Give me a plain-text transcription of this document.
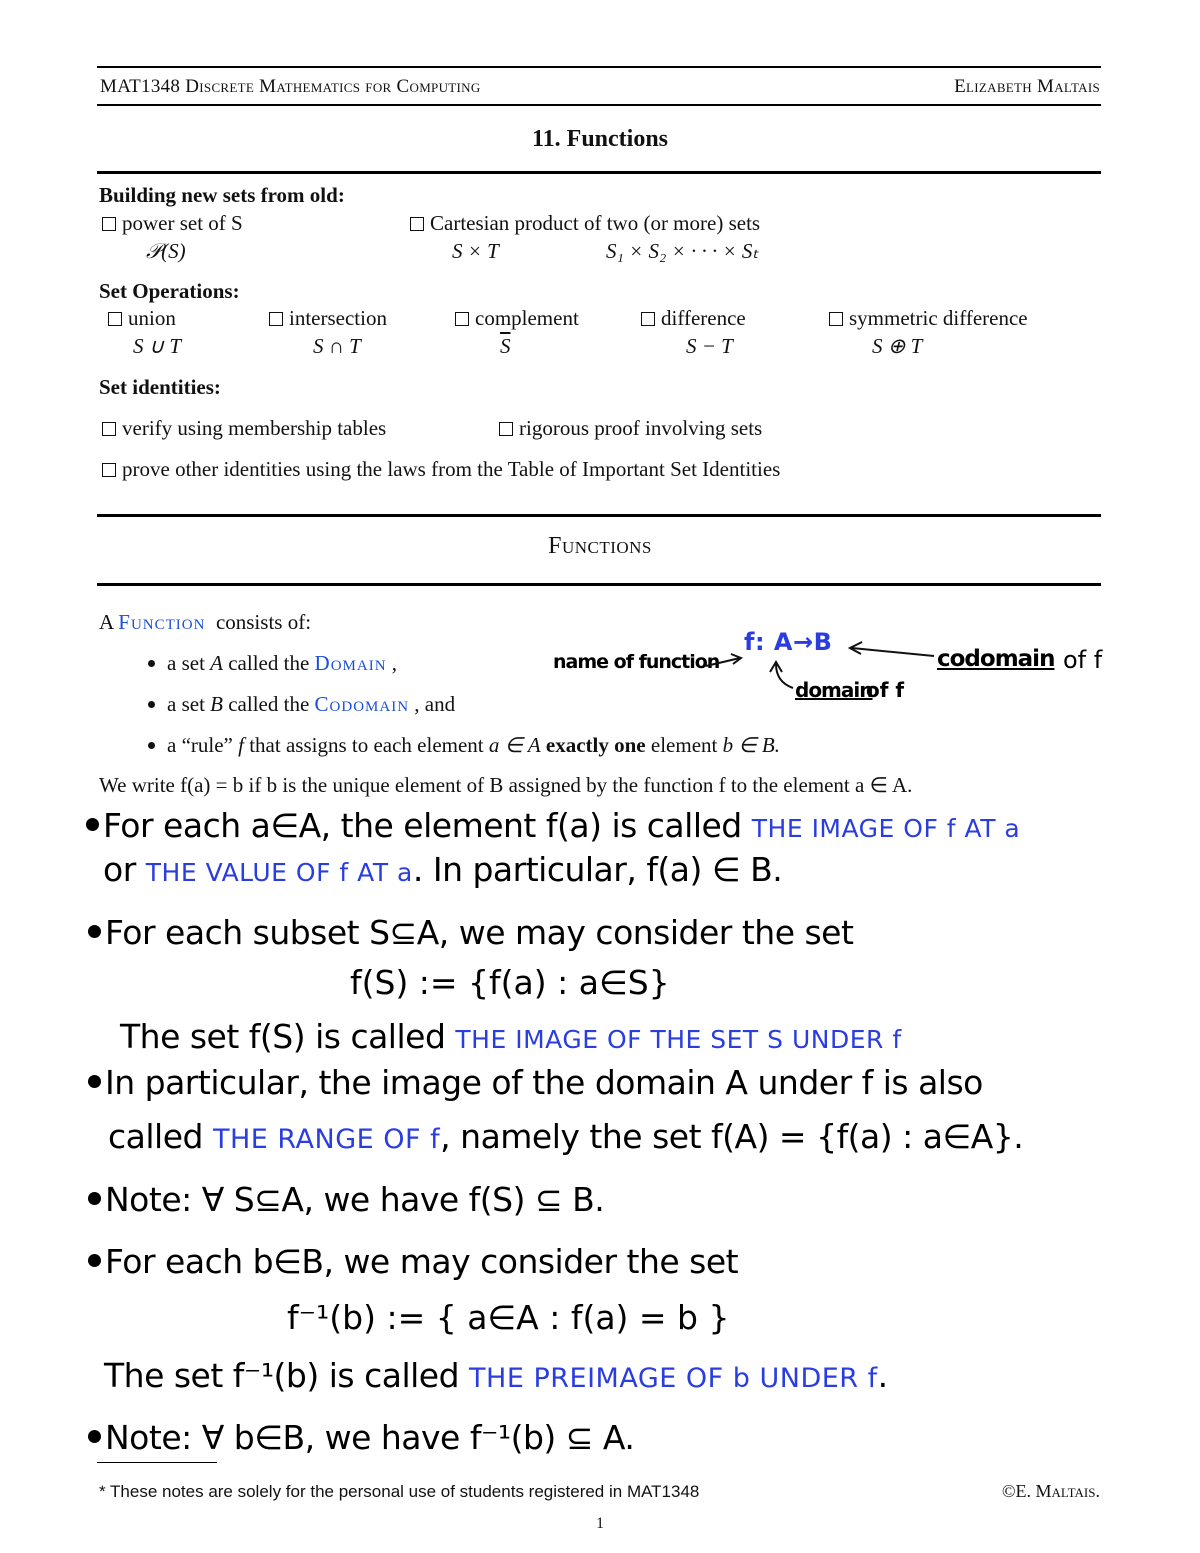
MAT1348 Discrete Mathematics for Computing	Elizabeth Maltais
11. Functions
Building new sets from old:
power set of S
𝒫(S)
Cartesian product of two (or more) sets
S × T	S₁ × S₂ × · · · × Sₜ
Set Operations:
union
S ∪ T
intersection
S ∩ T
complement
$\overline{S}$
difference
S − T
symmetric difference
S ⊕ T
Set identities:
verify using membership tables	rigorous proof involving sets
prove other identities using the laws from the Table of Important Set Identities
Functions
A Function consists of:
a set A called the Domain ,
a set B called the Codomain , and
a “rule” f that assigns to each element a ∈ A exactly one element b ∈ B.
We write f(a) = b if b is the unique element of B assigned by the function f to the element a ∈ A.
name of function
f: A→B
codomain of f
domain
of f
For each a∈A, the element f(a) is called THE IMAGE OF f AT a
or THE VALUE OF f AT a. In particular, f(a) ∈ B.
For each subset S⊆A, we may consider the set
f(S) := {f(a) : a∈S}
The set f(S) is called THE IMAGE OF THE SET S UNDER f
In particular, the image of the domain A under f is also
called THE RANGE OF f, namely the set f(A) = {f(a) : a∈A}.
Note: ∀ S⊆A, we have f(S) ⊆ B.
For each b∈B, we may consider the set
f⁻¹(b) := { a∈A : f(a) = b }
The set f⁻¹(b) is called THE PREIMAGE OF b UNDER f.
Note: ∀ b∈B, we have f⁻¹(b) ⊆ A.
* These notes are solely for the personal use of students registered in MAT1348	©E. Maltais.
1
